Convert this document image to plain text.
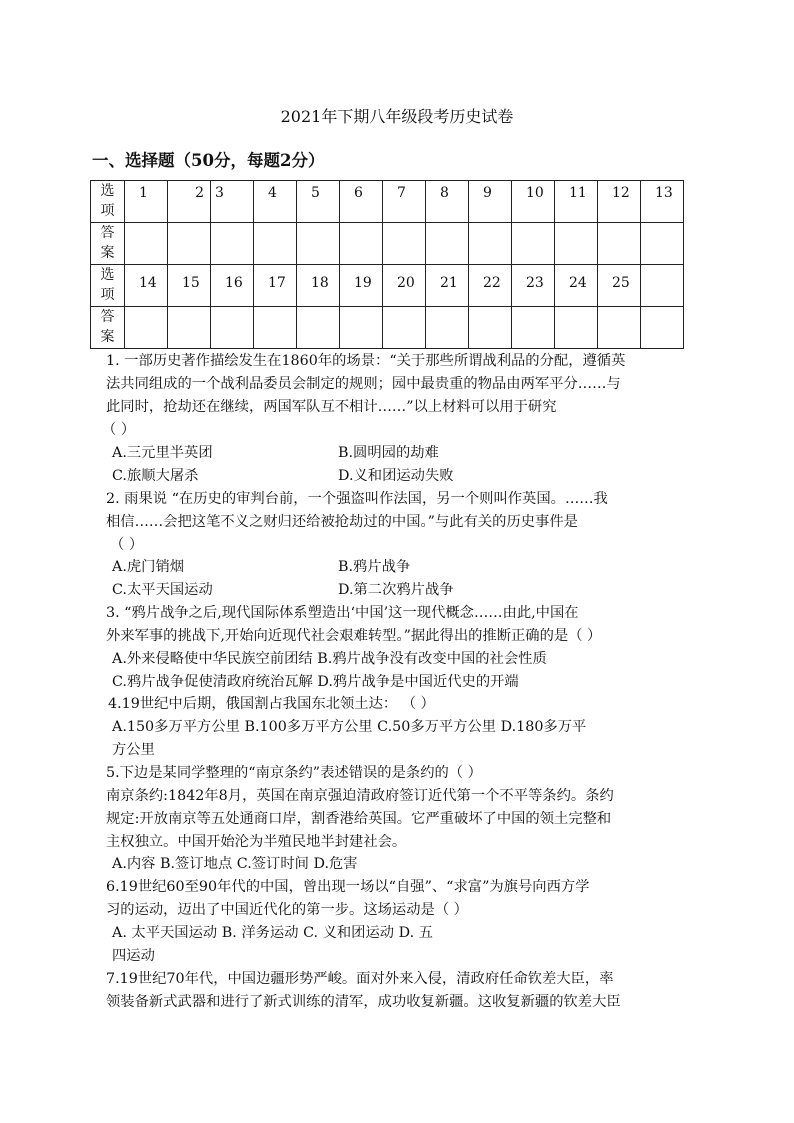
2021年下期八年级段考历史试卷
一、选择题（50分，每题2分）
选
项	1	2	3	4	5	6	7	8	9	10	11	12	13

答
案													

选
项	14	15	16	17	18	19	20	21	22	23	24	25	

答
案													

1. 一部历史著作描绘发生在1860年的场景：“关于那些所谓战利品的分配，遵循英
法共同组成的一个战利品委员会制定的规则；园中最贵重的物品由两军平分……与
此同时，抢劫还在继续，两国军队互不相计……”以上材料可以用于研究
（ ）
A.三元里半英团	B.圆明园的劫难
C.旅顺大屠杀	D.义和团运动失败
2. 雨果说 “在历史的审判台前，一个强盗叫作法国，另一个则叫作英国。……我
相信……会把这笔不义之财归还给被抢劫过的中国。”与此有关的历史事件是
（ ）
A.虎门销烟	B.鸦片战争
C.太平天国运动	D.第二次鸦片战争
3. “鸦片战争之后,现代国际体系塑造出‘中国’这一现代概念……由此,中国在
外来军事的挑战下,开始向近现代社会艰难转型。”据此得出的推断正确的是（ ）
A.外来侵略使中华民族空前团结 B.鸦片战争没有改变中国的社会性质
C.鸦片战争促使清政府统治瓦解 D.鸦片战争是中国近代史的开端
4.19世纪中后期，俄国割占我国东北领土达： （ ）
A.150多万平方公里 B.100多万平方公里 C.50多万平方公里 D.180多万平
方公里
5.下边是某同学整理的“南京条约”表述错误的是条约的（ ）
南京条约:1842年8月，英国在南京强迫清政府签订近代第一个不平等条约。条约
规定:开放南京等五处通商口岸，割香港给英国。它严重破坏了中国的领土完整和
主权独立。中国开始沦为半殖民地半封建社会。
A.内容 B.签订地点 C.签订时间 D.危害
6.19世纪60至90年代的中国，曾出现一场以“自强”、“求富”为旗号向西方学
习的运动，迈出了中国近代化的第一步。这场运动是（ ）
A. 太平天国运动 B. 洋务运动 C. 义和团运动 D. 五
四运动
7.19世纪70年代，中国边疆形势严峻。面对外来入侵，清政府任命钦差大臣，率
领装备新式武器和进行了新式训练的清军，成功收复新疆。这收复新疆的钦差大臣
